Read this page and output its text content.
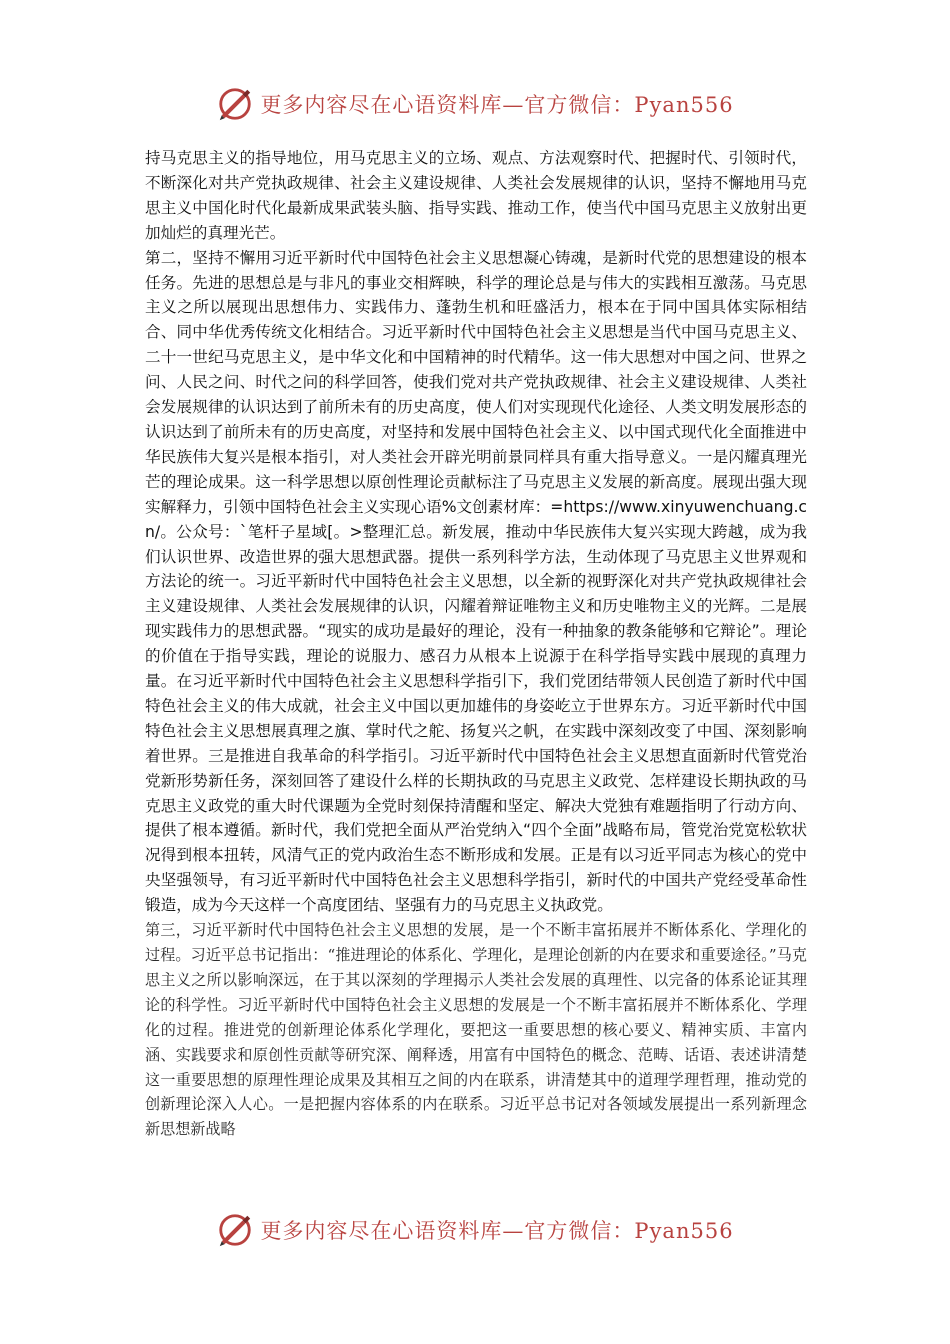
更多内容尽在心语资料库—官方微信：Pyan556

持马克思主义的指导地位，用马克思主义的立场、观点、方法观察时代、把握时代、引领时代，不断深化对共产党执政规律、社会主义建设规律、人类社会发展规律的认识，坚持不懈地用马克思主义中国化时代化最新成果武装头脑、指导实践、推动工作，使当代中国马克思主义放射出更加灿烂的真理光芒。

第二，坚持不懈用习近平新时代中国特色社会主义思想凝心铸魂，是新时代党的思想建设的根本任务。先进的思想总是与非凡的事业交相辉映，科学的理论总是与伟大的实践相互激荡。马克思主义之所以展现出思想伟力、实践伟力、蓬勃生机和旺盛活力，根本在于同中国具体实际相结合、同中华优秀传统文化相结合。习近平新时代中国特色社会主义思想是当代中国马克思主义、二十一世纪马克思主义，是中华文化和中国精神的时代精华。这一伟大思想对中国之问、世界之问、人民之问、时代之问的科学回答，使我们党对共产党执政规律、社会主义建设规律、人类社会发展规律的认识达到了前所未有的历史高度，使人们对实现现代化途径、人类文明发展形态的认识达到了前所未有的历史高度，对坚持和发展中国特色社会主义、以中国式现代化全面推进中华民族伟大复兴是根本指引，对人类社会开辟光明前景同样具有重大指导意义。一是闪耀真理光芒的理论成果。这一科学思想以原创性理论贡献标注了马克思主义发展的新高度。展现出强大现实解释力，引领中国特色社会主义实现心语%文创素材库：=https://www.xinyuwenchuang.cn/。公众号：`笔杆子星域[。>整理汇总。新发展，推动中华民族伟大复兴实现大跨越，成为我们认识世界、改造世界的强大思想武器。提供一系列科学方法，生动体现了马克思主义世界观和方法论的统一。习近平新时代中国特色社会主义思想，以全新的视野深化对共产党执政规律社会主义建设规律、人类社会发展规律的认识，闪耀着辩证唯物主义和历史唯物主义的光辉。二是展现实践伟力的思想武器。“现实的成功是最好的理论，没有一种抽象的教条能够和它辩论”。理论的价值在于指导实践，理论的说服力、感召力从根本上说源于在科学指导实践中展现的真理力量。在习近平新时代中国特色社会主义思想科学指引下，我们党团结带领人民创造了新时代中国特色社会主义的伟大成就，社会主义中国以更加雄伟的身姿屹立于世界东方。习近平新时代中国特色社会主义思想展真理之旗、掌时代之舵、扬复兴之帆，在实践中深刻改变了中国、深刻影响着世界。三是推进自我革命的科学指引。习近平新时代中国特色社会主义思想直面新时代管党治党新形势新任务，深刻回答了建设什么样的长期执政的马克思主义政党、怎样建设长期执政的马克思主义政党的重大时代课题为全党时刻保持清醒和坚定、解决大党独有难题指明了行动方向、提供了根本遵循。新时代，我们党把全面从严治党纳入“四个全面”战略布局，管党治党宽松软状况得到根本扭转，风清气正的党内政治生态不断形成和发展。正是有以习近平同志为核心的党中央坚强领导，有习近平新时代中国特色社会主义思想科学指引，新时代的中国共产党经受革命性锻造，成为今天这样一个高度团结、坚强有力的马克思主义执政党。

第三，习近平新时代中国特色社会主义思想的发展，是一个不断丰富拓展并不断体系化、学理化的过程。习近平总书记指出：“推进理论的体系化、学理化，是理论创新的内在要求和重要途径。”马克思主义之所以影响深远，在于其以深刻的学理揭示人类社会发展的真理性、以完备的体系论证其理论的科学性。习近平新时代中国特色社会主义思想的发展是一个不断丰富拓展并不断体系化、学理化的过程。推进党的创新理论体系化学理化，要把这一重要思想的核心要义、精神实质、丰富内涵、实践要求和原创性贡献等研究深、阐释透，用富有中国特色的概念、范畴、话语、表述讲清楚这一重要思想的原理性理论成果及其相互之间的内在联系，讲清楚其中的道理学理哲理，推动党的创新理论深入人心。一是把握内容体系的内在联系。习近平总书记对各领域发展提出一系列新理念新思想新战略

更多内容尽在心语资料库—官方微信：Pyan556
